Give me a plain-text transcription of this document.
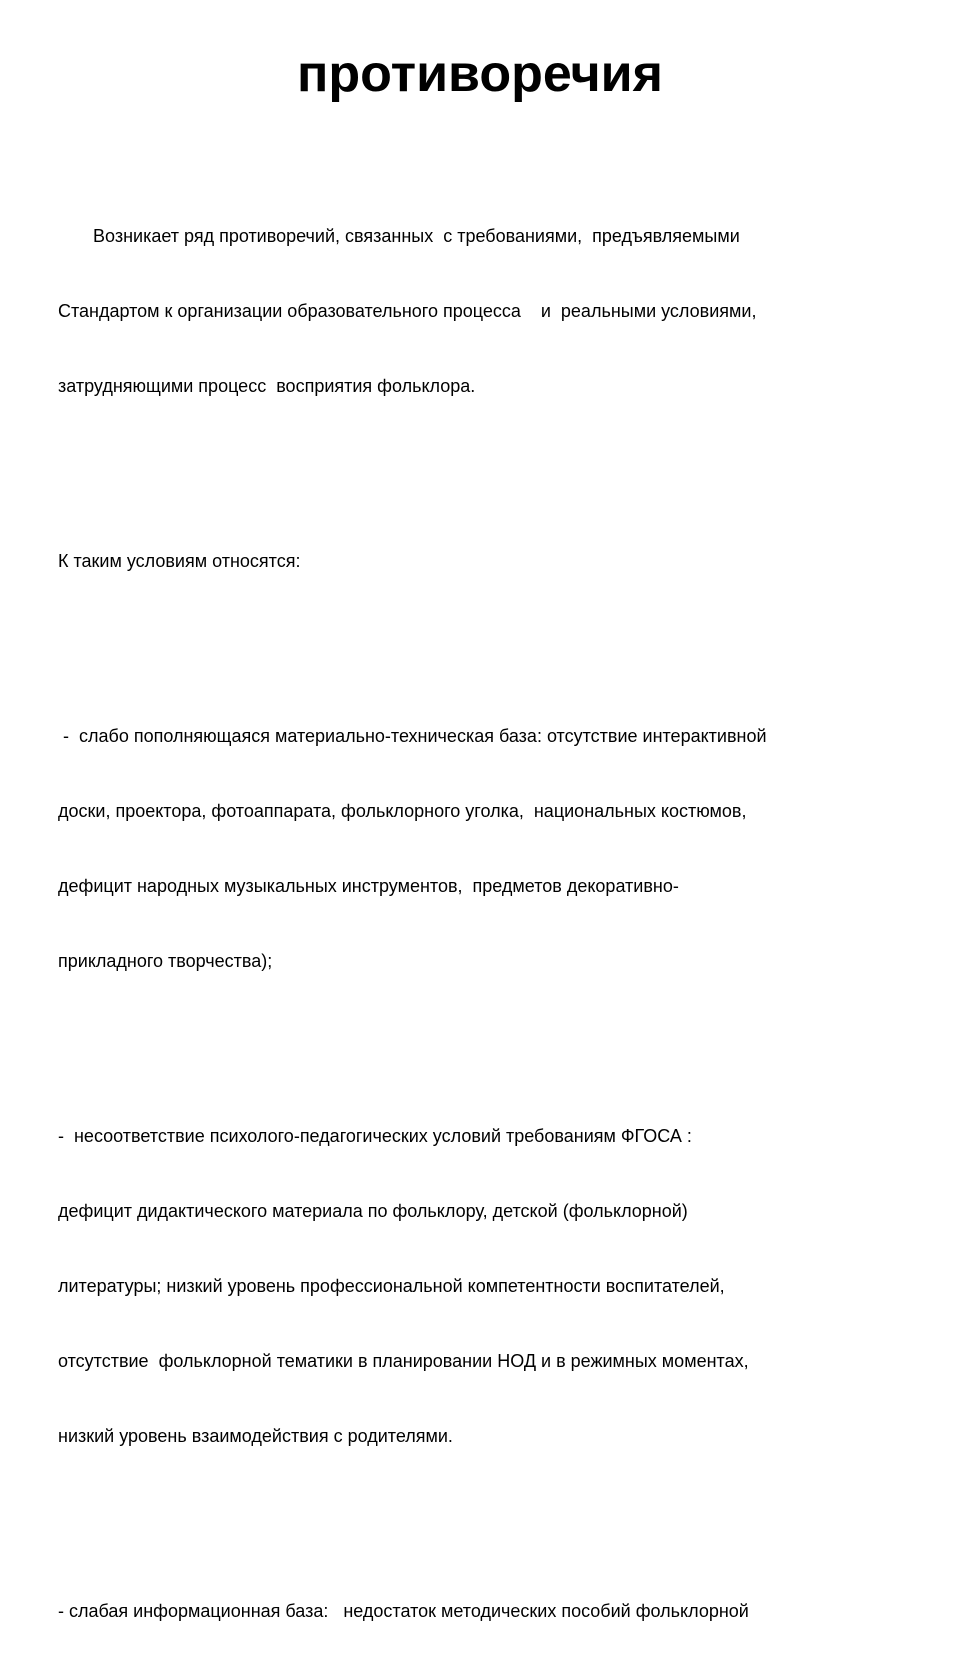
противоречия

Возникает ряд противоречий, связанных  с требованиями,  предъявляемыми

Стандартом к организации образовательного процесса    и  реальными условиями,

затрудняющими процесс  восприятия фольклора.

К таким условиям относятся:

-  слабо пополняющаяся материально-техническая база: отсутствие интерактивной

доски, проектора, фотоаппарата, фольклорного уголка,  национальных костюмов,

дефицит народных музыкальных инструментов,  предметов декоративно-

прикладного творчества);

-  несоответствие психолого-педагогических условий требованиям ФГОСА :

дефицит дидактического материала по фольклору, детской (фольклорной)

литературы; низкий уровень профессиональной компетентности воспитателей,

отсутствие  фольклорной тематики в планировании НОД и в режимных моментах,

низкий уровень взаимодействия с родителями.

- слабая информационная база:   недостаток методических пособий фольклорной
